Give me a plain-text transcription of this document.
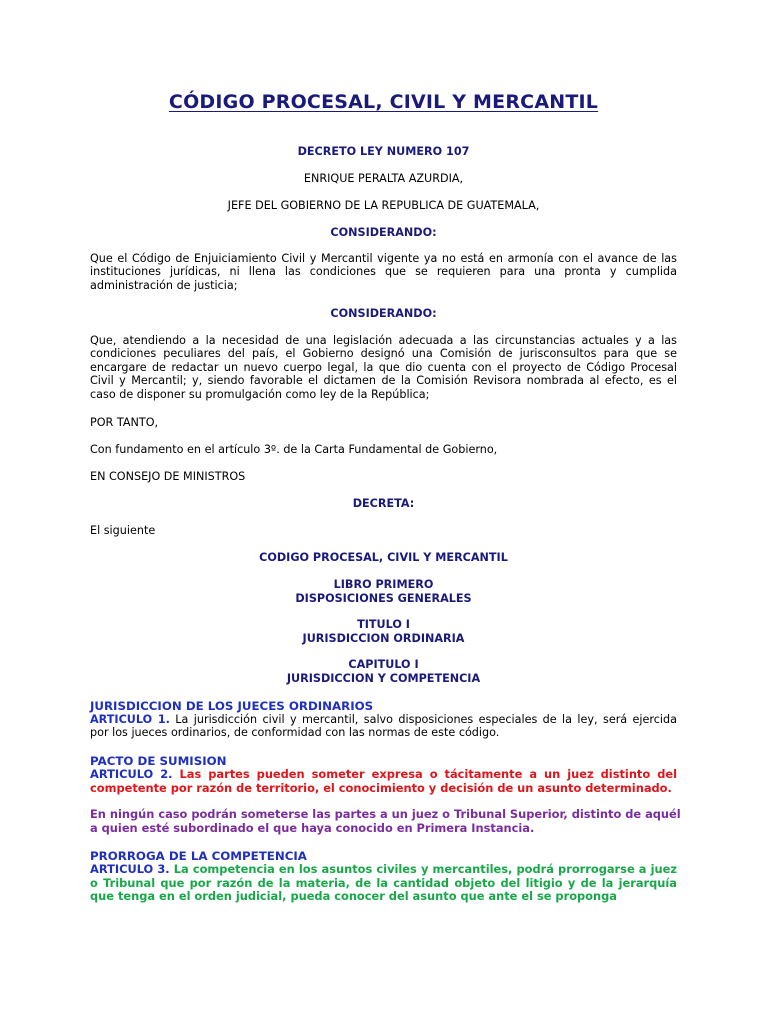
CÓDIGO PROCESAL, CIVIL Y MERCANTIL
DECRETO LEY NUMERO 107
ENRIQUE PERALTA AZURDIA,
JEFE DEL GOBIERNO DE LA REPUBLICA DE GUATEMALA,
CONSIDERANDO:
Que el Código de Enjuiciamiento Civil y Mercantil vigente ya no está en armonía con el avance de las
instituciones jurídicas, ni llena las condiciones que se requieren para una pronta y cumplida
administración de justicia;
CONSIDERANDO:
Que, atendiendo a la necesidad de una legislación adecuada a las circunstancias actuales y a las
condiciones peculiares del país, el Gobierno designó una Comisión de jurisconsultos para que se
encargare de redactar un nuevo cuerpo legal, la que dio cuenta con el proyecto de Código Procesal
Civil y Mercantil; y, siendo favorable el dictamen de la Comisión Revisora nombrada al efecto, es el
caso de disponer su promulgación como ley de la República;
POR TANTO,
Con fundamento en el artículo 3º. de la Carta Fundamental de Gobierno,
EN CONSEJO DE MINISTROS
DECRETA:
El siguiente
CODIGO PROCESAL, CIVIL Y MERCANTIL
LIBRO PRIMERO
DISPOSICIONES GENERALES
TITULO I
JURISDICCION ORDINARIA
CAPITULO I
JURISDICCION Y COMPETENCIA
JURISDICCION DE LOS JUECES ORDINARIOS
ARTICULO 1. La jurisdicción civil y mercantil, salvo disposiciones especiales de la ley, será ejercida
por los jueces ordinarios, de conformidad con las normas de este código.
PACTO DE SUMISION
ARTICULO 2. Las partes pueden someter expresa o tácitamente a un juez distinto del
competente por razón de territorio, el conocimiento y decisión de un asunto determinado.
En ningún caso podrán someterse las partes a un juez o Tribunal Superior, distinto de aquél
a quien esté subordinado el que haya conocido en Primera Instancia.
PRORROGA DE LA COMPETENCIA
ARTICULO 3. La competencia en los asuntos civiles y mercantiles, podrá prorrogarse a juez
o Tribunal que por razón de la materia, de la cantidad objeto del litigio y de la jerarquía
que tenga en el orden judicial, pueda conocer del asunto que ante el se proponga
